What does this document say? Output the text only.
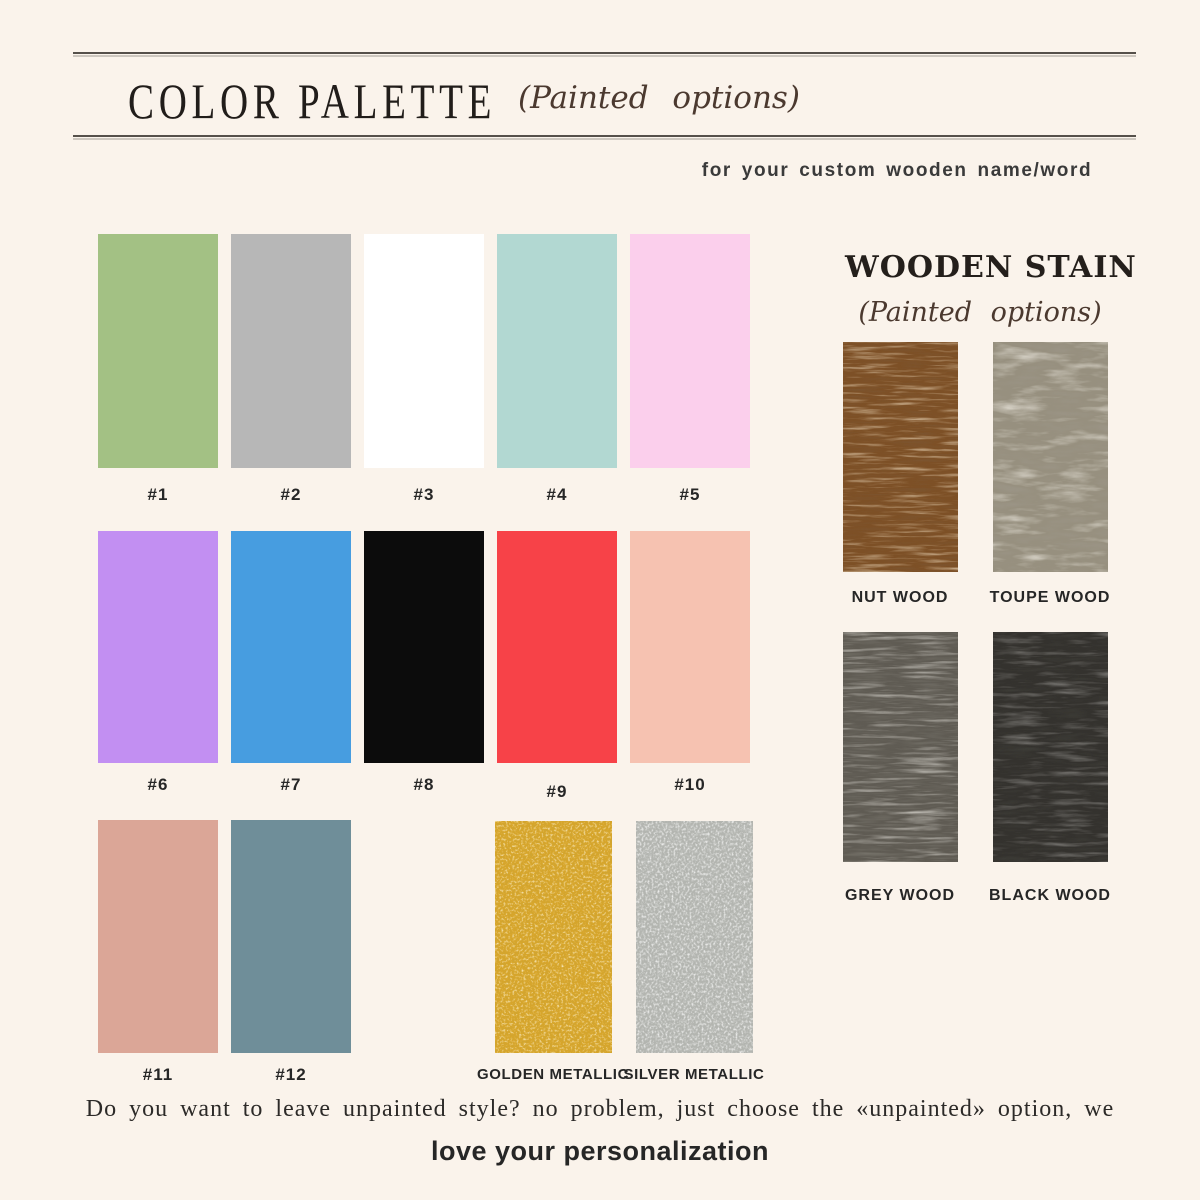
COLOR PALETTE (Painted options)
for your custom wooden name/word
#1	#2	#3	#4	#5
#6	#7	#8	#9	#10
#11	#12	GOLDEN METALLIC
SILVER METALLIC
WOODEN STAIN
(Painted options)
NUT WOOD	TOUPE WOOD
GREY WOOD	BLACK WOOD
Do you want to leave unpainted style? no problem, just choose the «unpainted» option, we
love your personalization
